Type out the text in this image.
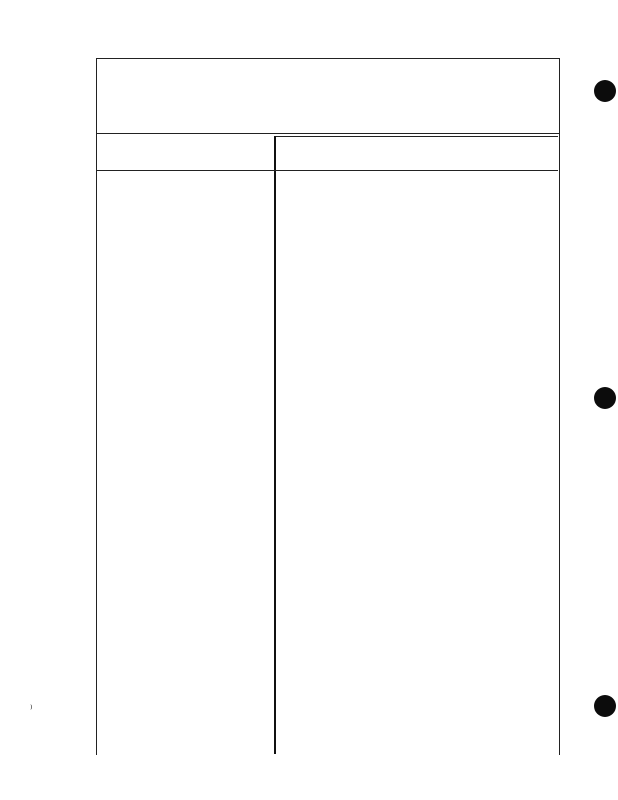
⁾
